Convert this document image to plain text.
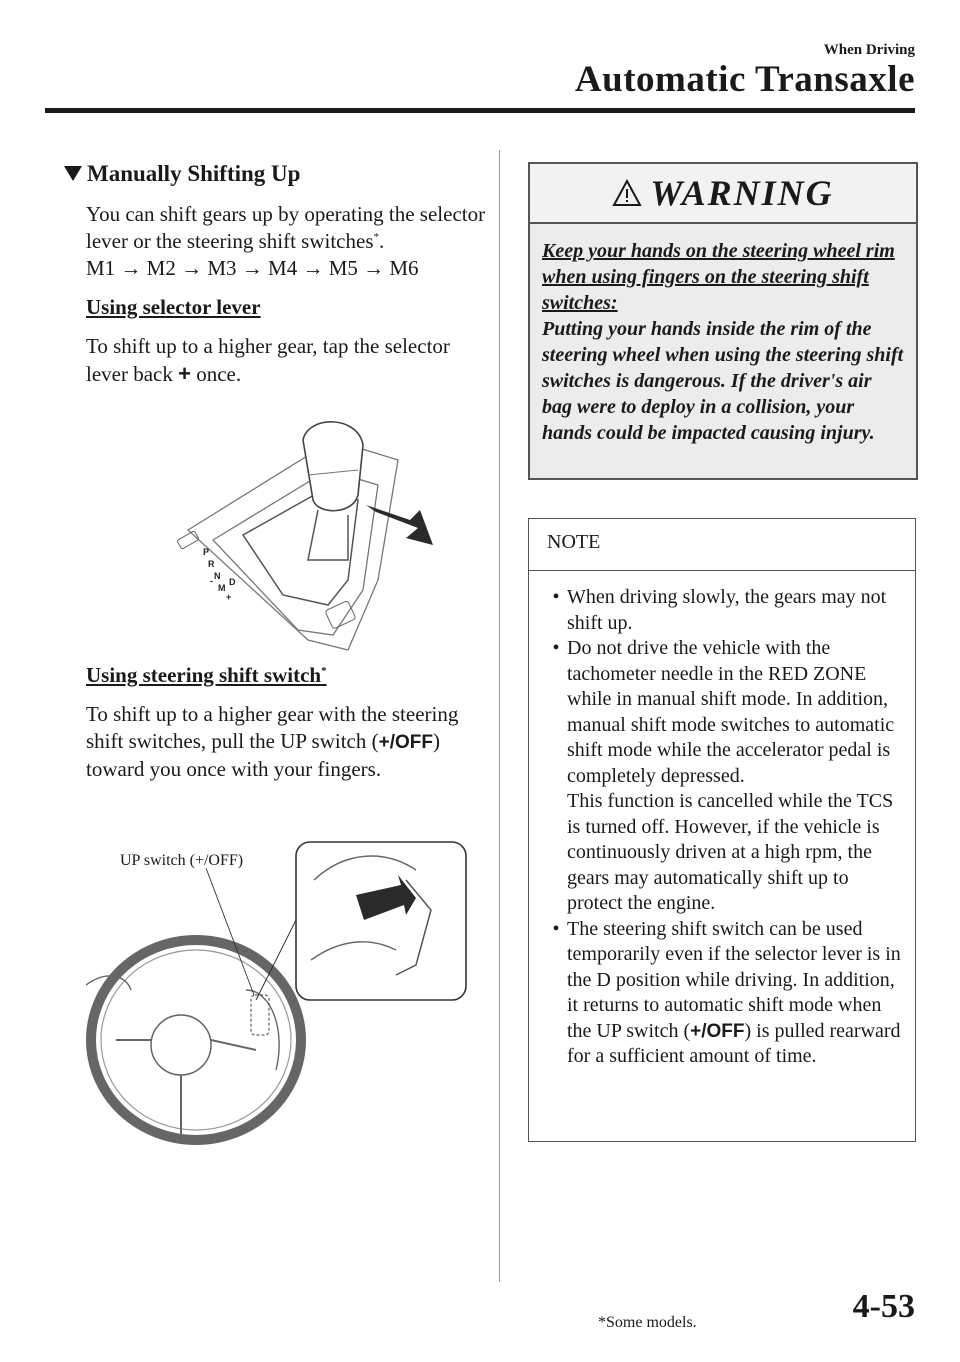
When Driving
Automatic Transaxle
Manually Shifting Up

You can shift gears up by operating the selector lever or the steering shift switches*.
M1 → M2 → M3 → M4 → M5 → M6

Using selector lever

To shift up to a higher gear, tap the selector lever back + once.

Using steering shift switch*

To shift up to a higher gear with the steering shift switches, pull the UP switch (+/OFF) toward you once with your fingers.

P
R
N
D
M
-
+
UP switch (+/OFF)
WARNING
Keep your hands on the steering wheel rim when using fingers on the steering shift switches:
Putting your hands inside the rim of the steering wheel when using the steering shift switches is dangerous. If the driver's air bag were to deploy in a collision, your hands could be impacted causing injury.
NOTE
• When driving slowly, the gears may not shift up.
• Do not drive the vehicle with the tachometer needle in the RED ZONE while in manual shift mode. In addition, manual shift mode switches to automatic shift mode while the accelerator pedal is completely depressed.
This function is cancelled while the TCS is turned off. However, if the vehicle is continuously driven at a high rpm, the gears may automatically shift up to protect the engine.
• The steering shift switch can be used temporarily even if the selector lever is in the D position while driving. In addition, it returns to automatic shift mode when the UP switch (+/OFF) is pulled rearward for a sufficient amount of time.
*Some models.	4-53
